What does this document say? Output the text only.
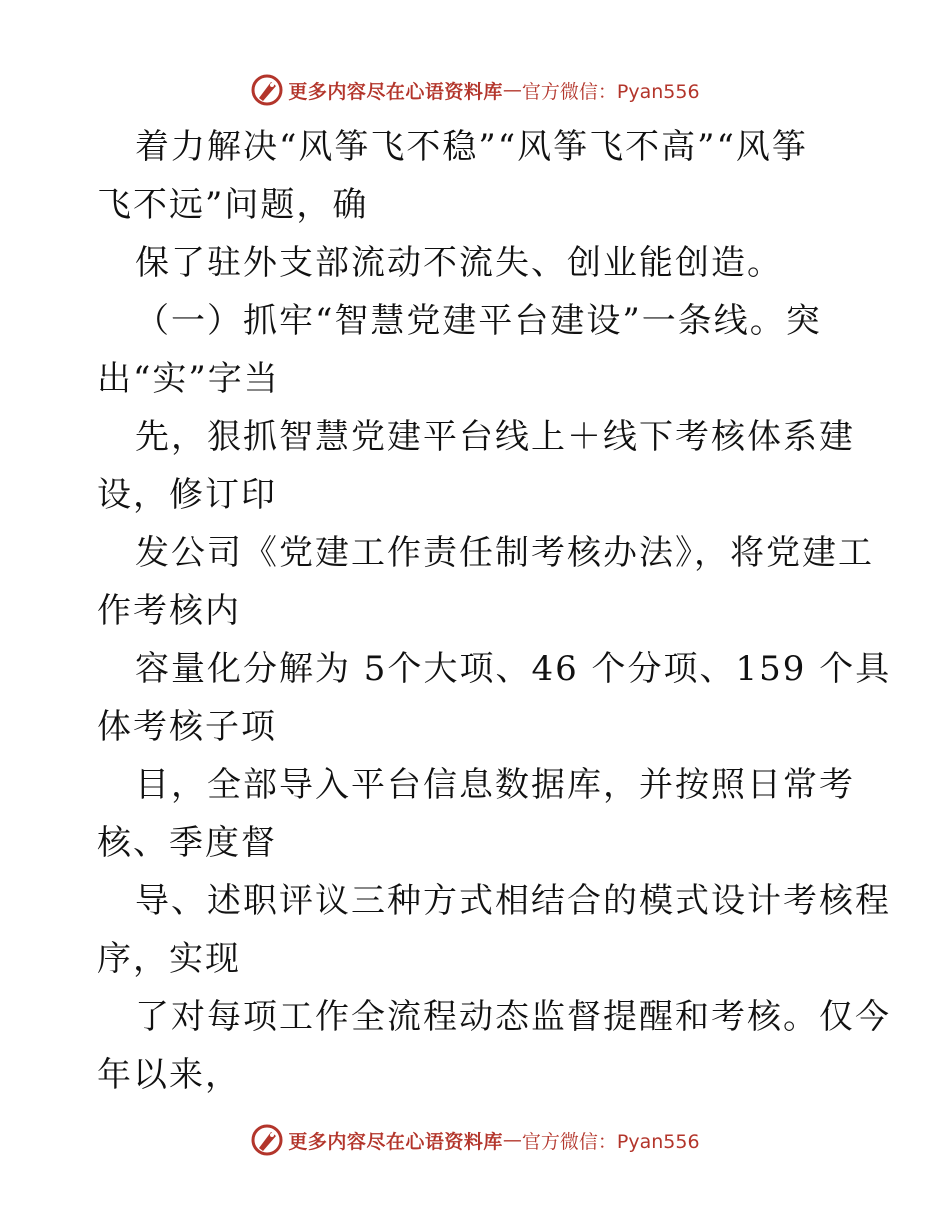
更多内容尽在心语资料库 — 官方微信：Pyan556
着力解决“风筝飞不稳”“风筝飞不高”“风筝
飞不远”问题，确
保了驻外支部流动不流失、创业能创造。
（一）抓牢“智慧党建平台建设”一条线。突
出“实”字当
先，狠抓智慧党建平台线上＋线下考核体系建
设，修订印
发公司《党建工作责任制考核办法》，将党建工
作考核内
容量化分解为 5个大项、46 个分项、159 个具
体考核子项
目，全部导入平台信息数据库，并按照日常考
核、季度督
导、述职评议三种方式相结合的模式设计考核程
序，实现
了对每项工作全流程动态监督提醒和考核。仅今
年以来，
更多内容尽在心语资料库 — 官方微信：Pyan556
